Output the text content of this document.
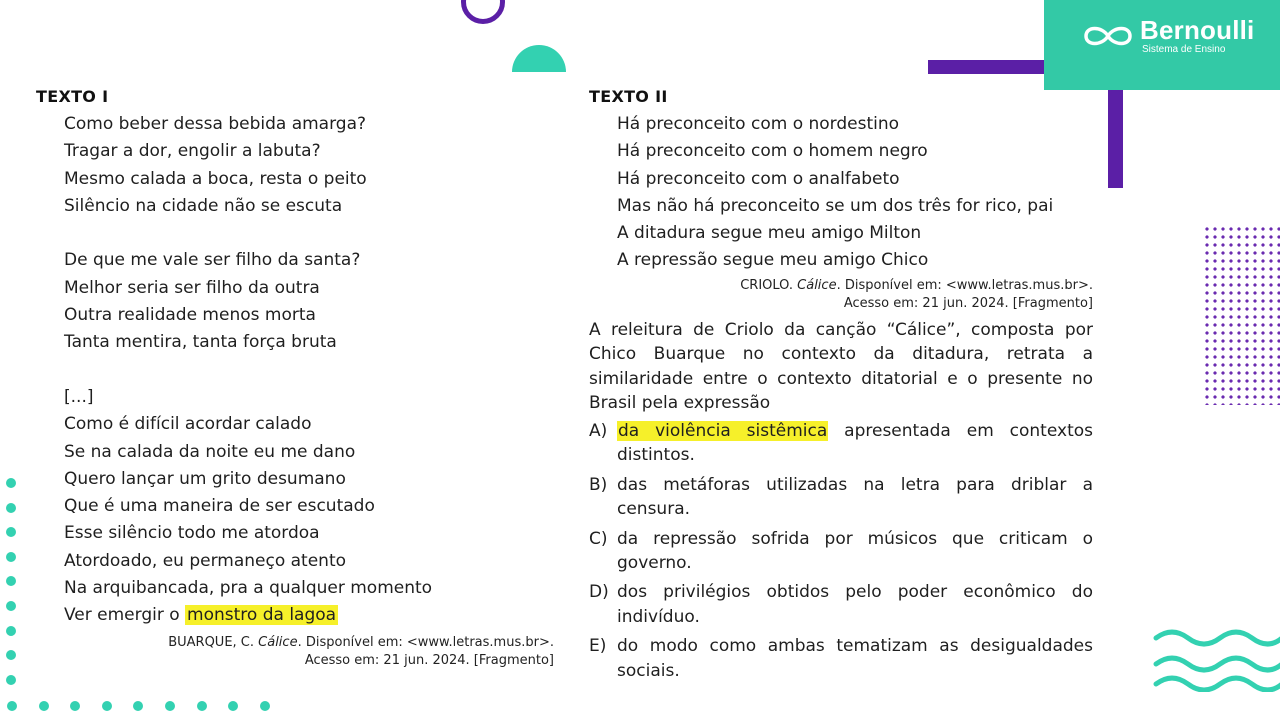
Bernoulli
Sistema de Ensino
TEXTO I
Como beber dessa bebida amarga?
Tragar a dor, engolir a labuta?
Mesmo calada a boca, resta o peito
Silêncio na cidade não se escuta
De que me vale ser filho da santa?
Melhor seria ser filho da outra
Outra realidade menos morta
Tanta mentira, tanta força bruta
[...]
Como é difícil acordar calado
Se na calada da noite eu me dano
Quero lançar um grito desumano
Que é uma maneira de ser escutado
Esse silêncio todo me atordoa
Atordoado, eu permaneço atento
Na arquibancada, pra a qualquer momento
Ver emergir o monstro da lagoa
BUARQUE, C. Cálice. Disponível em: <www.letras.mus.br>.
Acesso em: 21 jun. 2024. [Fragmento]
TEXTO II
Há preconceito com o nordestino
Há preconceito com o homem negro
Há preconceito com o analfabeto
Mas não há preconceito se um dos três for rico, pai
A ditadura segue meu amigo Milton
A repressão segue meu amigo Chico
CRIOLO. Cálice. Disponível em: <www.letras.mus.br>.
Acesso em: 21 jun. 2024. [Fragmento]
A releitura de Criolo da canção “Cálice”, composta por Chico Buarque no contexto da ditadura, retrata a similaridade entre o contexto ditatorial e o presente no Brasil pela expressão
A) da violência sistêmica apresentada em contextos distintos.
B) das metáforas utilizadas na letra para driblar a censura.
C) da repressão sofrida por músicos que criticam o governo.
D) dos privilégios obtidos pelo poder econômico do indivíduo.
E) do modo como ambas tematizam as desigualdades sociais.
